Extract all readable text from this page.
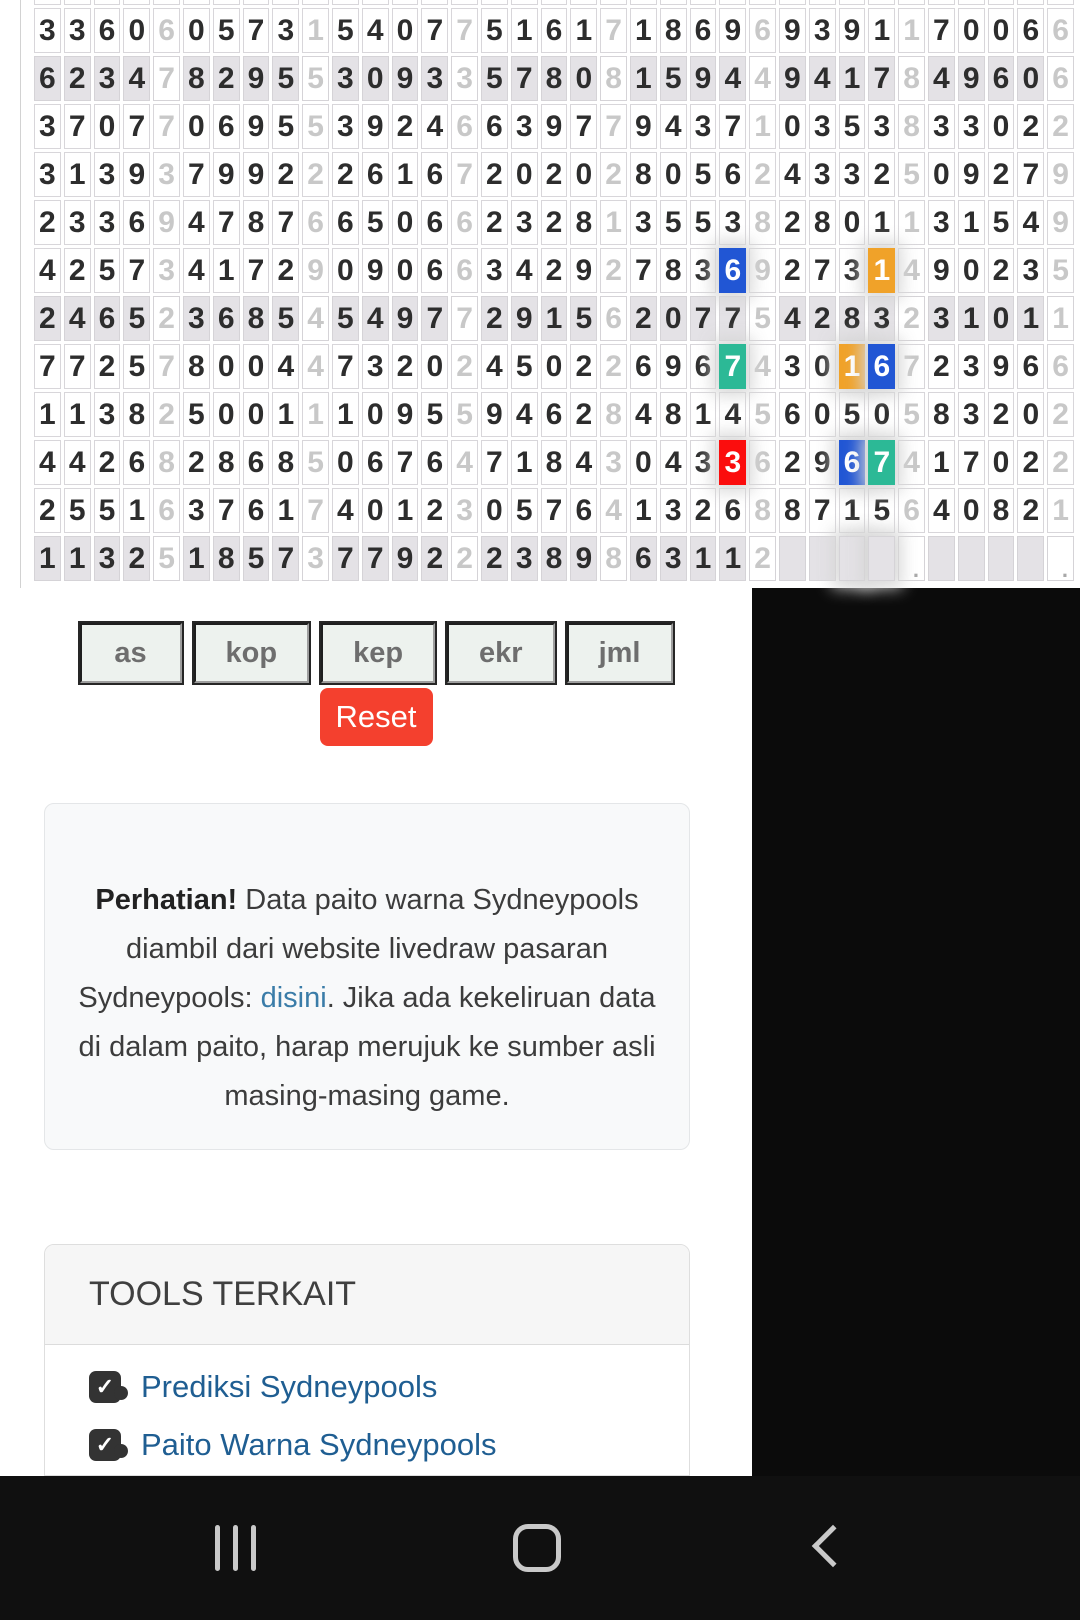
3 3 6 0 6 0 5 7 3 1 5 4 0 7 7 5 1 6 1 7 1 8 6 9 6 9 3 9 1 1 7 0 0 6 6
6 2 3 4 7 8 2 9 5 5 3 0 9 3 3 5 7 8 0 8 1 5 9 4 4 9 4 1 7 8 4 9 6 0 6
3 7 0 7 7 0 6 9 5 5 3 9 2 4 6 6 3 9 7 7 9 4 3 7 1 0 3 5 3 8 3 3 0 2 2
3 1 3 9 3 7 9 9 2 2 2 6 1 6 7 2 0 2 0 2 8 0 5 6 2 4 3 3 2 5 0 9 2 7 9
2 3 3 6 9 4 7 8 7 6 6 5 0 6 6 2 3 2 8 1 3 5 5 3 8 2 8 0 1 1 3 1 5 4 9
4 2 5 7 3 4 1 7 2 9 0 9 0 6 6 3 4 2 9 2 7 8 3 6 9 2 7 3 1 4 9 0 2 3 5
2 4 6 5 2 3 6 8 5 4 5 4 9 7 7 2 9 1 5 6 2 0 7 7 5 4 2 8 3 2 3 1 0 1 1
7 7 2 5 7 8 0 0 4 4 7 3 2 0 2 4 5 0 2 2 6 9 6 7 4 3 0 1 6 7 2 3 9 6 6
1 1 3 8 2 5 0 0 1 1 1 0 9 5 5 9 4 6 2 8 4 8 1 4 5 6 0 5 0 5 8 3 2 0 2
4 4 2 6 8 2 8 6 8 5 0 6 7 6 4 7 1 8 4 3 0 4 3 3 6 2 9 6 7 4 1 7 0 2 2
2 5 5 1 6 3 7 6 1 7 4 0 1 2 3 0 5 7 6 4 1 3 2 6 8 8 7 1 5 6 4 0 8 2 1
1 1 3 2 5 1 8 5 7 3 7 7 9 2 2 2 3 8 9 8 6 3 1 1 2	.	.
as	kop	kep	ekr	jml
Reset
Perhatian! Data paito warna Sydneypools diambil dari website livedraw pasaran Sydneypools: disini. Jika ada kekeliruan data di dalam paito, harap merujuk ke sumber asli masing-masing game.
TOOLS TERKAIT
✓ Prediksi Sydneypools
✓ Paito Warna Sydneypools
